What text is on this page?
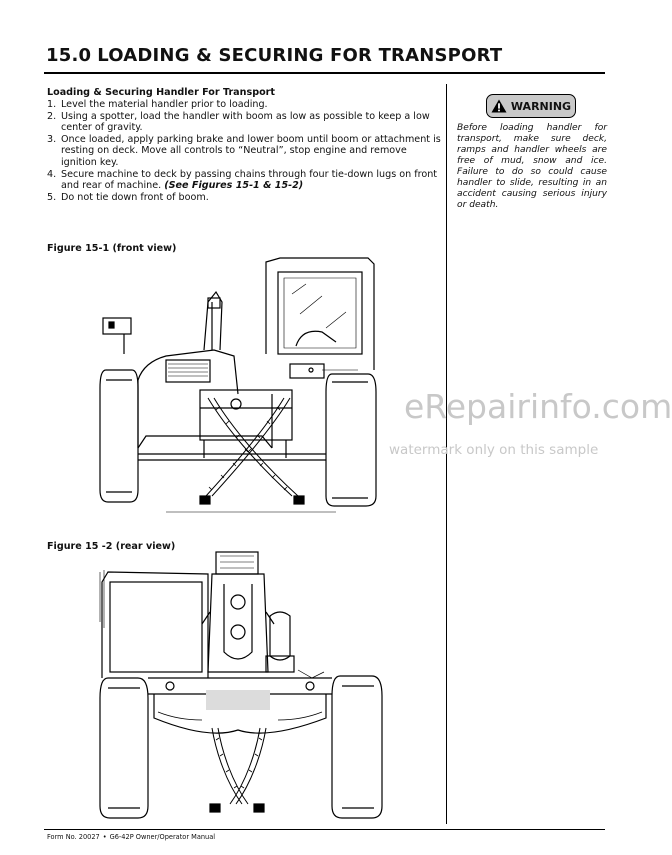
15.0 LOADING & SECURING FOR TRANSPORT
Loading & Securing Handler For Transport
1. Level the material handler prior to loading.
2. Using a spotter, load the handler with boom as low as possible to keep a low center of gravity.
3. Once loaded, apply parking brake and lower boom until boom or attachment is resting on deck. Move all controls to “Neutral”, stop engine and remove ignition key.
4. Secure machine to deck by passing chains through four tie-down lugs on front and rear of machine. (See Figures 15-1 & 15-2)
5. Do not tie down front of boom.
WARNING
Before loading handler for transport, make sure deck, ramps and handler wheels are free of mud, snow and ice. Failure to do so could cause handler to slide, resulting in an accident causing serious injury or death.
Figure 15-1 (front view)
Figure 15 -2 (rear view)
eRepairinfo.com
watermark only on this sample
Form No. 20027 • G6-42P Owner/Operator Manual
